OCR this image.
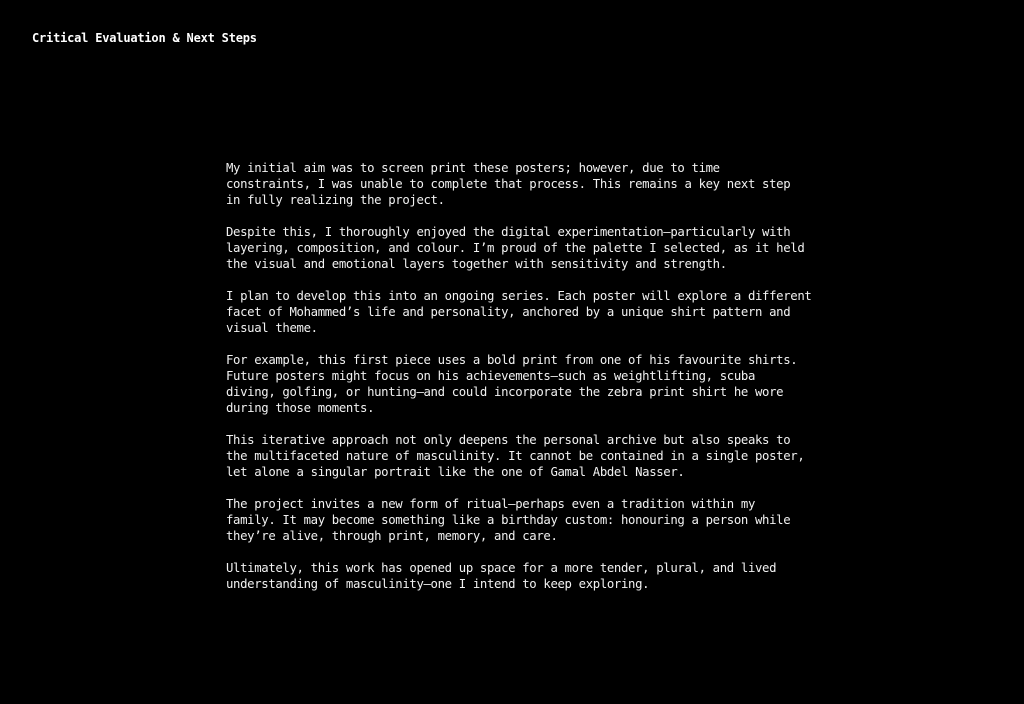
Critical Evaluation & Next Steps

My initial aim was to screen print these posters; however, due to time
constraints, I was unable to complete that process. This remains a key next step
in fully realizing the project.

Despite this, I thoroughly enjoyed the digital experimentation—particularly with
layering, composition, and colour. I’m proud of the palette I selected, as it held
the visual and emotional layers together with sensitivity and strength.

I plan to develop this into an ongoing series. Each poster will explore a different
facet of Mohammed’s life and personality, anchored by a unique shirt pattern and
visual theme.

For example, this first piece uses a bold print from one of his favourite shirts.
Future posters might focus on his achievements—such as weightlifting, scuba
diving, golfing, or hunting—and could incorporate the zebra print shirt he wore
during those moments.

This iterative approach not only deepens the personal archive but also speaks to
the multifaceted nature of masculinity. It cannot be contained in a single poster,
let alone a singular portrait like the one of Gamal Abdel Nasser.

The project invites a new form of ritual—perhaps even a tradition within my
family. It may become something like a birthday custom: honouring a person while
they’re alive, through print, memory, and care.

Ultimately, this work has opened up space for a more tender, plural, and lived
understanding of masculinity—one I intend to keep exploring.
